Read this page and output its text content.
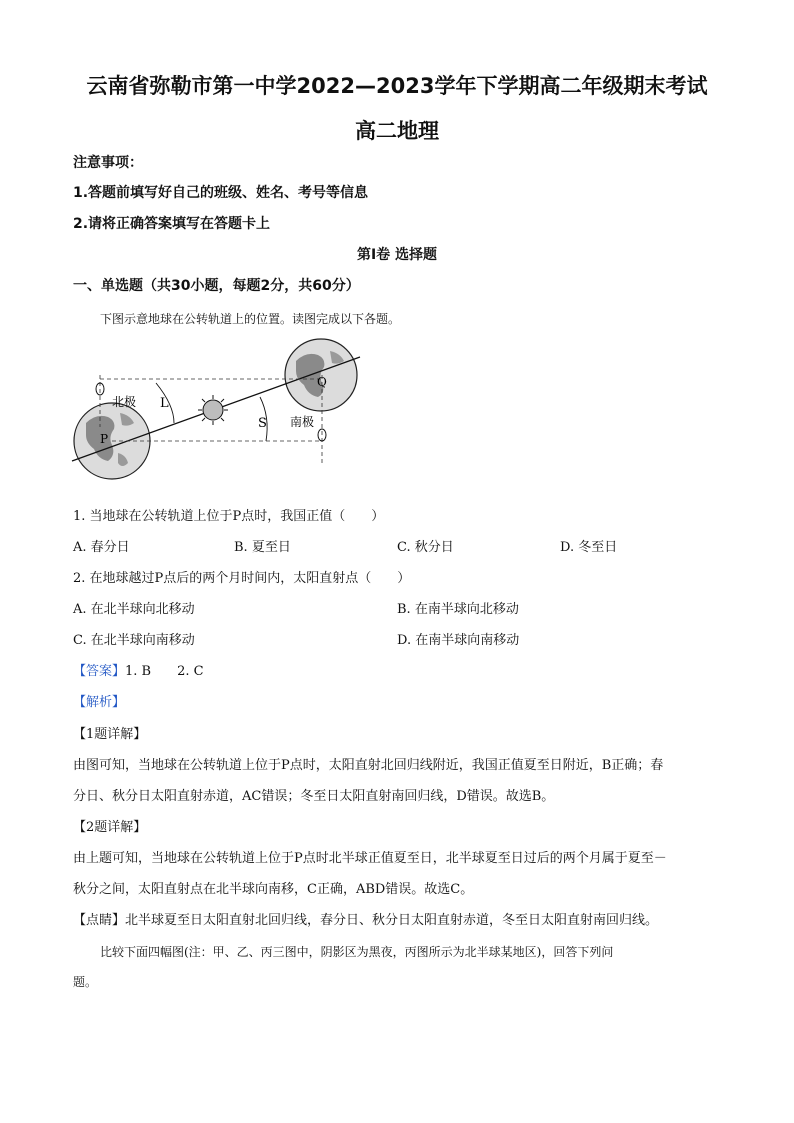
云南省弥勒市第一中学2022—2023学年下学期高二年级期末考试
高二地理
注意事项：
1.答题前填写好自己的班级、姓名、考号等信息
2.请将正确答案填写在答题卡上
第Ⅰ卷 选择题
一、单选题（共30小题，每题2分，共60分）
下图示意地球在公转轨道上的位置。读图完成以下各题。
L
S
北极
南极
P
Q
1. 当地球在公转轨道上位于P点时，我国正值（　　）
A. 春分日	B. 夏至日	C. 秋分日	D. 冬至日
2. 在地球越过P点后的两个月时间内，太阳直射点（　　）
A. 在北半球向北移动	B. 在南半球向北移动
C. 在北半球向南移动	D. 在南半球向南移动
【答案】1. B　　2. C
【解析】
【1题详解】
由图可知，当地球在公转轨道上位于P点时，太阳直射北回归线附近，我国正值夏至日附近，B正确；春
分日、秋分日太阳直射赤道，AC错误；冬至日太阳直射南回归线，D错误。故选B。
【2题详解】
由上题可知，当地球在公转轨道上位于P点时北半球正值夏至日，北半球夏至日过后的两个月属于夏至－
秋分之间，太阳直射点在北半球向南移，C正确，ABD错误。故选C。
【点睛】北半球夏至日太阳直射北回归线，春分日、秋分日太阳直射赤道，冬至日太阳直射南回归线。
比较下面四幅图(注：甲、乙、丙三图中，阴影区为黑夜，丙图所示为北半球某地区)，回答下列问
题。
